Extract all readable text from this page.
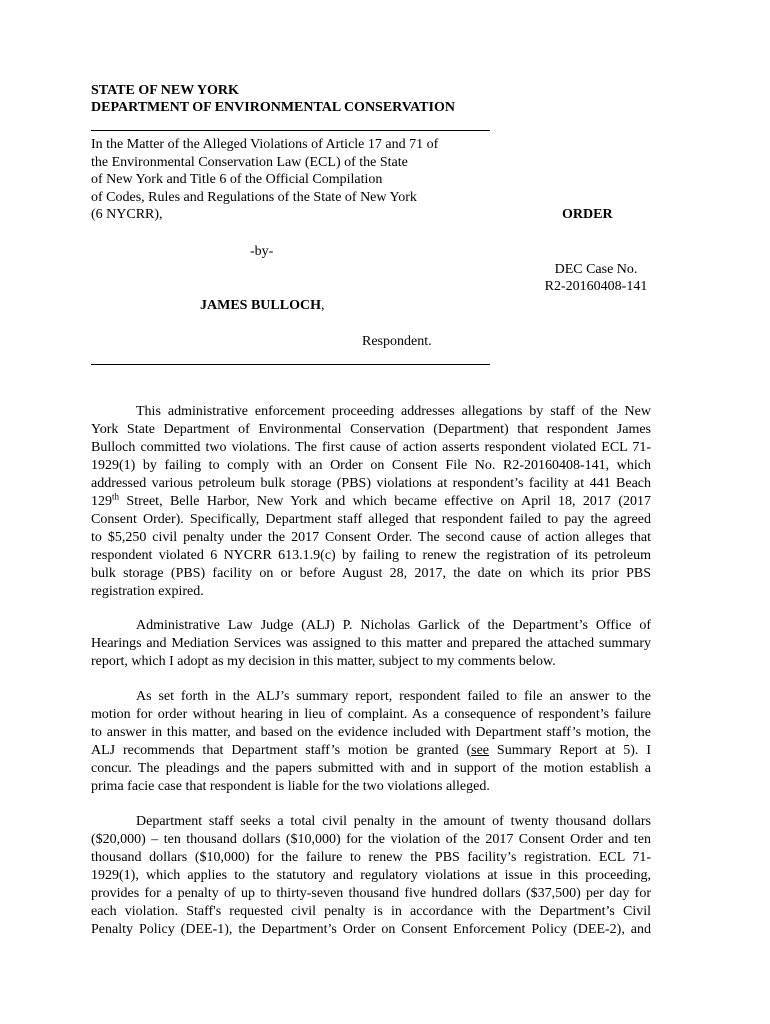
STATE OF NEW YORK
DEPARTMENT OF ENVIRONMENTAL CONSERVATION
In the Matter of the Alleged Violations of Article 17 and 71 of
the Environmental Conservation Law (ECL) of the State
of New York and Title 6 of the Official Compilation
of Codes, Rules and Regulations of the State of New York
(6 NYCRR),
-by-
JAMES BULLOCH,
Respondent.
ORDER
DEC Case No.
R2-20160408-141
This administrative enforcement proceeding addresses allegations by staff of the New
York State Department of Environmental Conservation (Department) that respondent James
Bulloch committed two violations. The first cause of action asserts respondent violated ECL 71-
1929(1) by failing to comply with an Order on Consent File No. R2-20160408-141, which
addressed various petroleum bulk storage (PBS) violations at respondent’s facility at 441 Beach
129th Street, Belle Harbor, New York and which became effective on April 18, 2017 (2017
Consent Order). Specifically, Department staff alleged that respondent failed to pay the agreed
to $5,250 civil penalty under the 2017 Consent Order. The second cause of action alleges that
respondent violated 6 NYCRR 613.1.9(c) by failing to renew the registration of its petroleum
bulk storage (PBS) facility on or before August 28, 2017, the date on which its prior PBS
registration expired.
Administrative Law Judge (ALJ) P. Nicholas Garlick of the Department’s Office of
Hearings and Mediation Services was assigned to this matter and prepared the attached summary
report, which I adopt as my decision in this matter, subject to my comments below.
As set forth in the ALJ’s summary report, respondent failed to file an answer to the
motion for order without hearing in lieu of complaint. As a consequence of respondent’s failure
to answer in this matter, and based on the evidence included with Department staff’s motion, the
ALJ recommends that Department staff’s motion be granted (see Summary Report at 5). I
concur. The pleadings and the papers submitted with and in support of the motion establish a
prima facie case that respondent is liable for the two violations alleged.
Department staff seeks a total civil penalty in the amount of twenty thousand dollars
($20,000) – ten thousand dollars ($10,000) for the violation of the 2017 Consent Order and ten
thousand dollars ($10,000) for the failure to renew the PBS facility’s registration. ECL 71-
1929(1), which applies to the statutory and regulatory violations at issue in this proceeding,
provides for a penalty of up to thirty-seven thousand five hundred dollars ($37,500) per day for
each violation. Staff's requested civil penalty is in accordance with the Department’s Civil
Penalty Policy (DEE-1), the Department’s Order on Consent Enforcement Policy (DEE-2), and
